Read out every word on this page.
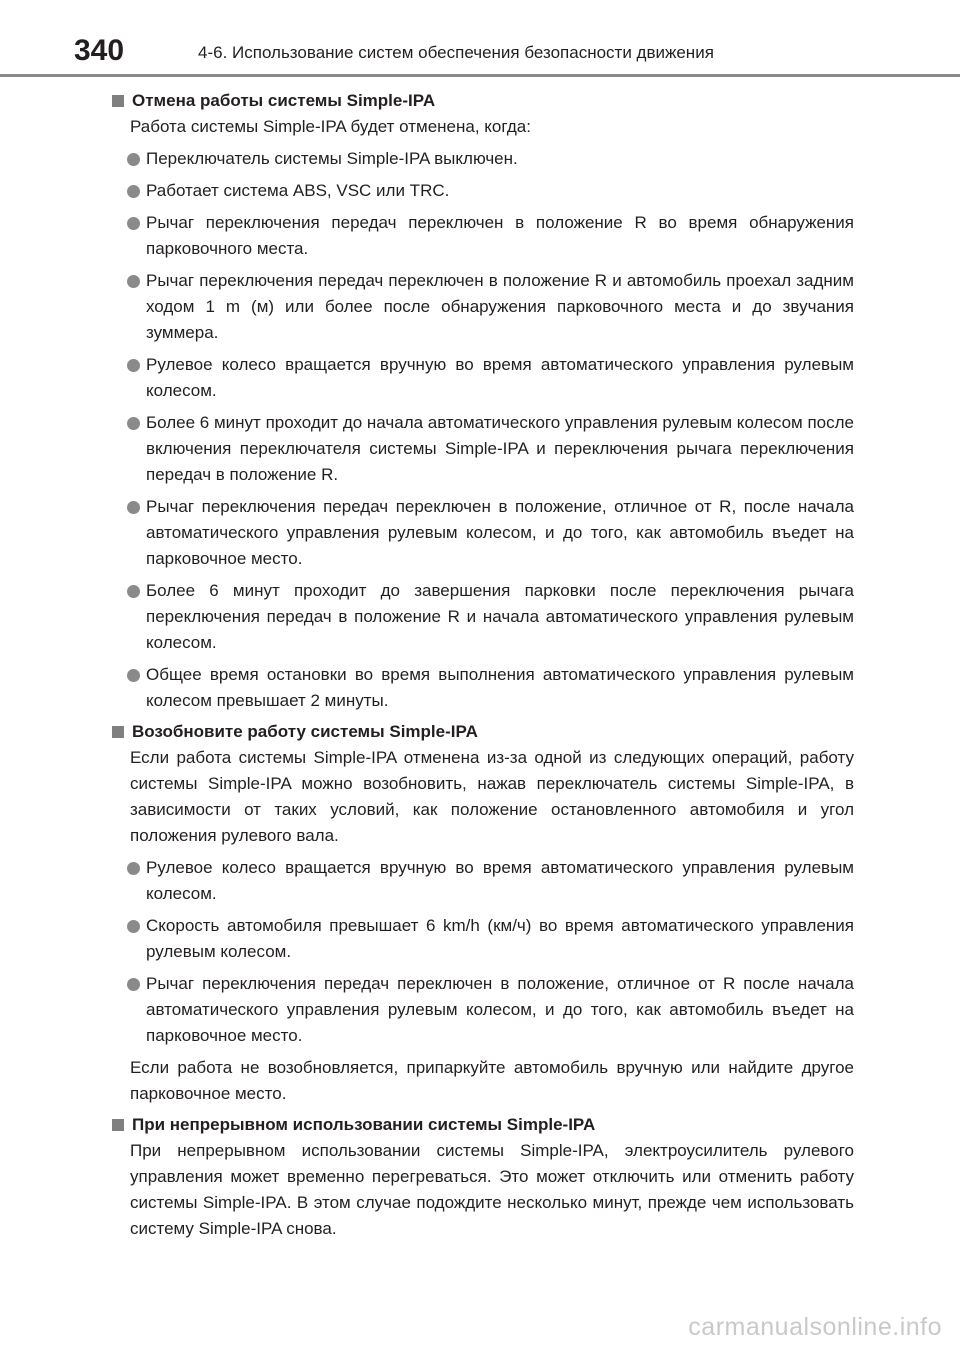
340	4-6. Использование систем обеспечения безопасности движения
Отмена работы системы Simple-IPA
Работа системы Simple-IPA будет отменена, когда:
Переключатель системы Simple-IPA выключен.
Работает система ABS, VSC или TRC.
Рычаг переключения передач переключен в положение R во время обнаружения парковочного места.
Рычаг переключения передач переключен в положение R и автомобиль проехал задним ходом 1 m (м) или более после обнаружения парковочного места и до звучания зуммера.
Рулевое колесо вращается вручную во время автоматического управления рулевым колесом.
Более 6 минут проходит до начала автоматического управления рулевым колесом после включения переключателя системы Simple-IPA и переключения рычага переключения передач в положение R.
Рычаг переключения передач переключен в положение, отличное от R, после начала автоматического управления рулевым колесом, и до того, как автомобиль въедет на парковочное место.
Более 6 минут проходит до завершения парковки после переключения рычага переключения передач в положение R и начала автоматического управления рулевым колесом.
Общее время остановки во время выполнения автоматического управления рулевым колесом превышает 2 минуты.
Возобновите работу системы Simple-IPA
Если работа системы Simple-IPA отменена из-за одной из следующих операций, работу системы Simple-IPA можно возобновить, нажав переключатель системы Simple-IPA, в зависимости от таких условий, как положение остановленного автомобиля и угол положения рулевого вала.
Рулевое колесо вращается вручную во время автоматического управления рулевым колесом.
Скорость автомобиля превышает 6 km/h (км/ч) во время автоматического управления рулевым колесом.
Рычаг переключения передач переключен в положение, отличное от R после начала автоматического управления рулевым колесом, и до того, как автомобиль въедет на парковочное место.
Если работа не возобновляется, припаркуйте автомобиль вручную или найдите другое парковочное место.
При непрерывном использовании системы Simple-IPA
При непрерывном использовании системы Simple-IPA, электроусилитель рулевого управления может временно перегреваться. Это может отключить или отменить работу системы Simple-IPA. В этом случае подождите несколько минут, прежде чем использовать систему Simple-IPA снова.
carmanualsonline.info
